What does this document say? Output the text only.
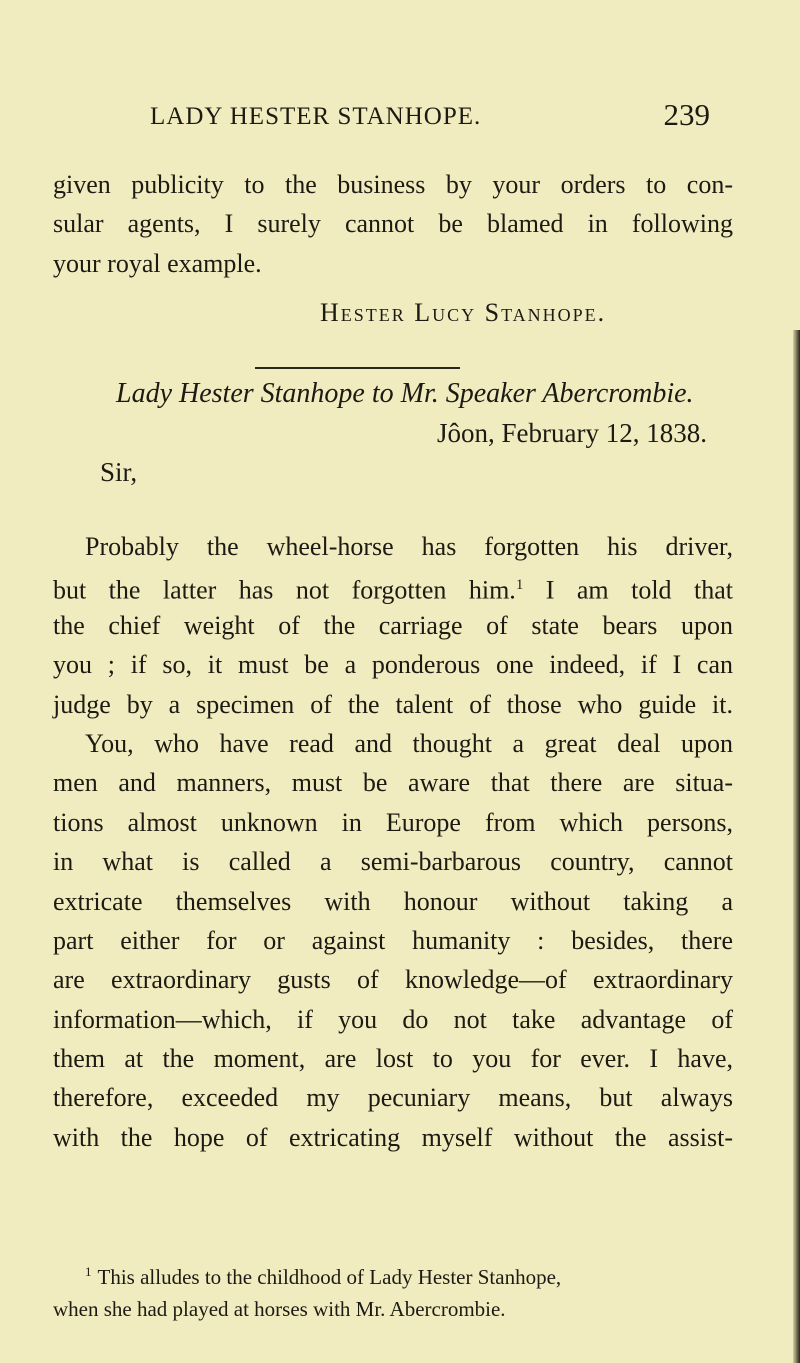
LADY HESTER STANHOPE.	239
given publicity to the business by your orders to con-
sular agents, I surely cannot be blamed in following
your royal example.
Hester Lucy Stanhope.
Lady Hester Stanhope to Mr. Speaker Abercrombie.
Jôon, February 12, 1838.
Sir,
Probably the wheel-horse has forgotten his driver,
but the latter has not forgotten him.$^1$ I am told that
the chief weight of the carriage of state bears upon
you ; if so, it must be a ponderous one indeed, if I can
judge by a specimen of the talent of those who guide it.
You, who have read and thought a great deal upon
men and manners, must be aware that there are situa-
tions almost unknown in Europe from which persons,
in what is called a semi-barbarous country, cannot
extricate themselves with honour without taking a
part either for or against humanity : besides, there
are extraordinary gusts of knowledge—of extraordinary
information—which, if you do not take advantage of
them at the moment, are lost to you for ever. I have,
therefore, exceeded my pecuniary means, but always
with the hope of extricating myself without the assist-
$^1$ This alludes to the childhood of Lady Hester Stanhope,
when she had played at horses with Mr. Abercrombie.
